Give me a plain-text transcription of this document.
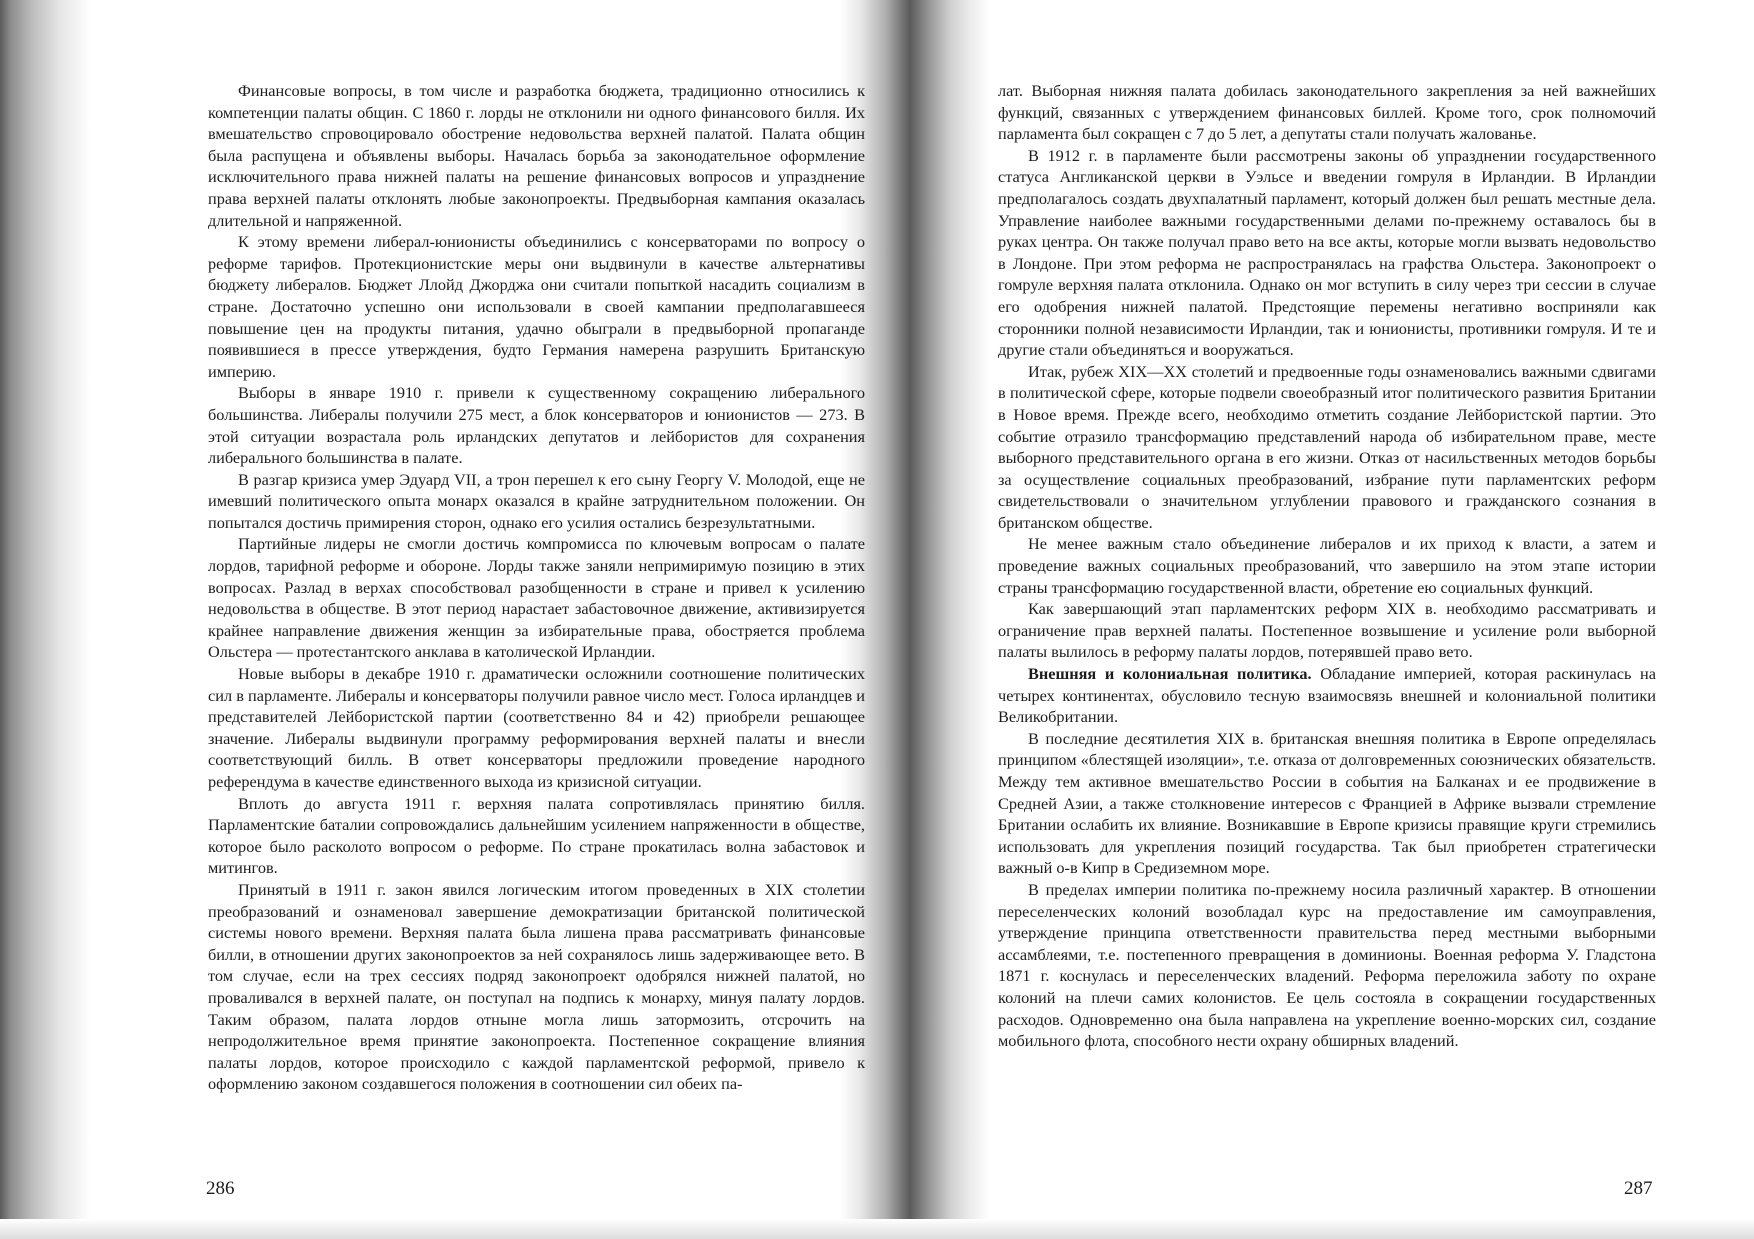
Финансовые вопросы, в том числе и разработка бюджета, традиционно относились к компетенции палаты общин. С 1860 г. лорды не отклонили ни одного финансового билля. Их вмешательство спровоцировало обострение недовольства верхней палатой. Палата общин была распущена и объявлены выборы. Началась борьба за законодательное оформление исключительного права нижней палаты на решение финансовых вопросов и упразднение права верхней палаты отклонять любые законопроекты. Предвыборная кампания оказалась длительной и напряженной.

К этому времени либерал-юнионисты объединились с консерваторами по вопросу о реформе тарифов. Протекционистские меры они выдвинули в качестве альтернативы бюджету либералов. Бюджет Ллойд Джорджа они считали попыткой насадить социализм в стране. Достаточно успешно они использовали в своей кампании предполагавшееся повышение цен на продукты питания, удачно обыграли в предвыборной пропаганде появившиеся в прессе утверждения, будто Германия намерена разрушить Британскую империю.

Выборы в январе 1910 г. привели к существенному сокращению либерального большинства. Либералы получили 275 мест, а блок консерваторов и юнионистов — 273. В этой ситуации возрастала роль ирландских депутатов и лейбористов для сохранения либерального большинства в палате.

В разгар кризиса умер Эдуард VII, а трон перешел к его сыну Георгу V. Молодой, еще не имевший политического опыта монарх оказался в крайне затруднительном положении. Он попытался достичь примирения сторон, однако его усилия остались безрезультатными.

Партийные лидеры не смогли достичь компромисса по ключевым вопросам о палате лордов, тарифной реформе и обороне. Лорды также заняли непримиримую позицию в этих вопросах. Разлад в верхах способствовал разобщенности в стране и привел к усилению недовольства в обществе. В этот период нарастает забастовочное движение, активизируется крайнее направление движения женщин за избирательные права, обостряется проблема Ольстера — протестантского анклава в католической Ирландии.

Новые выборы в декабре 1910 г. драматически осложнили соотношение политических сил в парламенте. Либералы и консерваторы получили равное число мест. Голоса ирландцев и представителей Лейбористской партии (соответственно 84 и 42) приобрели решающее значение. Либералы выдвинули программу реформирования верхней палаты и внесли соответствующий билль. В ответ консерваторы предложили проведение народного референдума в качестве единственного выхода из кризисной ситуации.

Вплоть до августа 1911 г. верхняя палата сопротивлялась принятию билля. Парламентские баталии сопровождались дальнейшим усилением напряженности в обществе, которое было расколото вопросом о реформе. По стране прокатилась волна забастовок и митингов.

Принятый в 1911 г. закон явился логическим итогом проведенных в XIX столетии преобразований и ознаменовал завершение демократизации британской политической системы нового времени. Верхняя палата была лишена права рассматривать финансовые билли, в отношении других законопроектов за ней сохранялось лишь задерживающее вето. В том случае, если на трех сессиях подряд законопроект одобрялся нижней палатой, но проваливался в верхней палате, он поступал на подпись к монарху, минуя палату лордов. Таким образом, палата лордов отныне могла лишь затормозить, отсрочить на непродолжительное время принятие законопроекта. Постепенное сокращение влияния палаты лордов, которое происходило с каждой парламентской реформой, привело к оформлению законом создавшегося положения в соотношении сил обеих па-

286

лат. Выборная нижняя палата добилась законодательного закрепления за ней важнейших функций, связанных с утверждением финансовых биллей. Кроме того, срок полномочий парламента был сокращен с 7 до 5 лет, а депутаты стали получать жалованье.

В 1912 г. в парламенте были рассмотрены законы об упразднении государственного статуса Англиканской церкви в Уэльсе и введении гомруля в Ирландии. В Ирландии предполагалось создать двухпалатный парламент, который должен был решать местные дела. Управление наиболее важными государственными делами по-прежнему оставалось бы в руках центра. Он также получал право вето на все акты, которые могли вызвать недовольство в Лондоне. При этом реформа не распространялась на графства Ольстера. Законопроект о гомруле верхняя палата отклонила. Однако он мог вступить в силу через три сессии в случае его одобрения нижней палатой. Предстоящие перемены негативно восприняли как сторонники полной независимости Ирландии, так и юнионисты, противники гомруля. И те и другие стали объединяться и вооружаться.

Итак, рубеж XIX—XX столетий и предвоенные годы ознаменовались важными сдвигами в политической сфере, которые подвели своеобразный итог политического развития Британии в Новое время. Прежде всего, необходимо отметить создание Лейбористской партии. Это событие отразило трансформацию представлений народа об избирательном праве, месте выборного представительного органа в его жизни. Отказ от насильственных методов борьбы за осуществление социальных преобразований, избрание пути парламентских реформ свидетельствовали о значительном углублении правового и гражданского сознания в британском обществе.

Не менее важным стало объединение либералов и их приход к власти, а затем и проведение важных социальных преобразований, что завершило на этом этапе истории страны трансформацию государственной власти, обретение ею социальных функций.

Как завершающий этап парламентских реформ XIX в. необходимо рассматривать и ограничение прав верхней палаты. Постепенное возвышение и усиление роли выборной палаты вылилось в реформу палаты лордов, потерявшей право вето.

Внешняя и колониальная политика. Обладание империей, которая раскинулась на четырех континентах, обусловило тесную взаимосвязь внешней и колониальной политики Великобритании.

В последние десятилетия XIX в. британская внешняя политика в Европе определялась принципом «блестящей изоляции», т.е. отказа от долговременных союзнических обязательств. Между тем активное вмешательство России в события на Балканах и ее продвижение в Средней Азии, а также столкновение интересов с Францией в Африке вызвали стремление Британии ослабить их влияние. Возникавшие в Европе кризисы правящие круги стремились использовать для укрепления позиций государства. Так был приобретен стратегически важный о-в Кипр в Средиземном море.

В пределах империи политика по-прежнему носила различный характер. В отношении переселенческих колоний возобладал курс на предоставление им самоуправления, утверждение принципа ответственности правительства перед местными выборными ассамблеями, т.е. постепенного превращения в доминионы. Военная реформа У. Гладстона 1871 г. коснулась и переселенческих владений. Реформа переложила заботу по охране колоний на плечи самих колонистов. Ее цель состояла в сокращении государственных расходов. Одновременно она была направлена на укрепление военно-морских сил, создание мобильного флота, способного нести охрану обширных владений.

287
